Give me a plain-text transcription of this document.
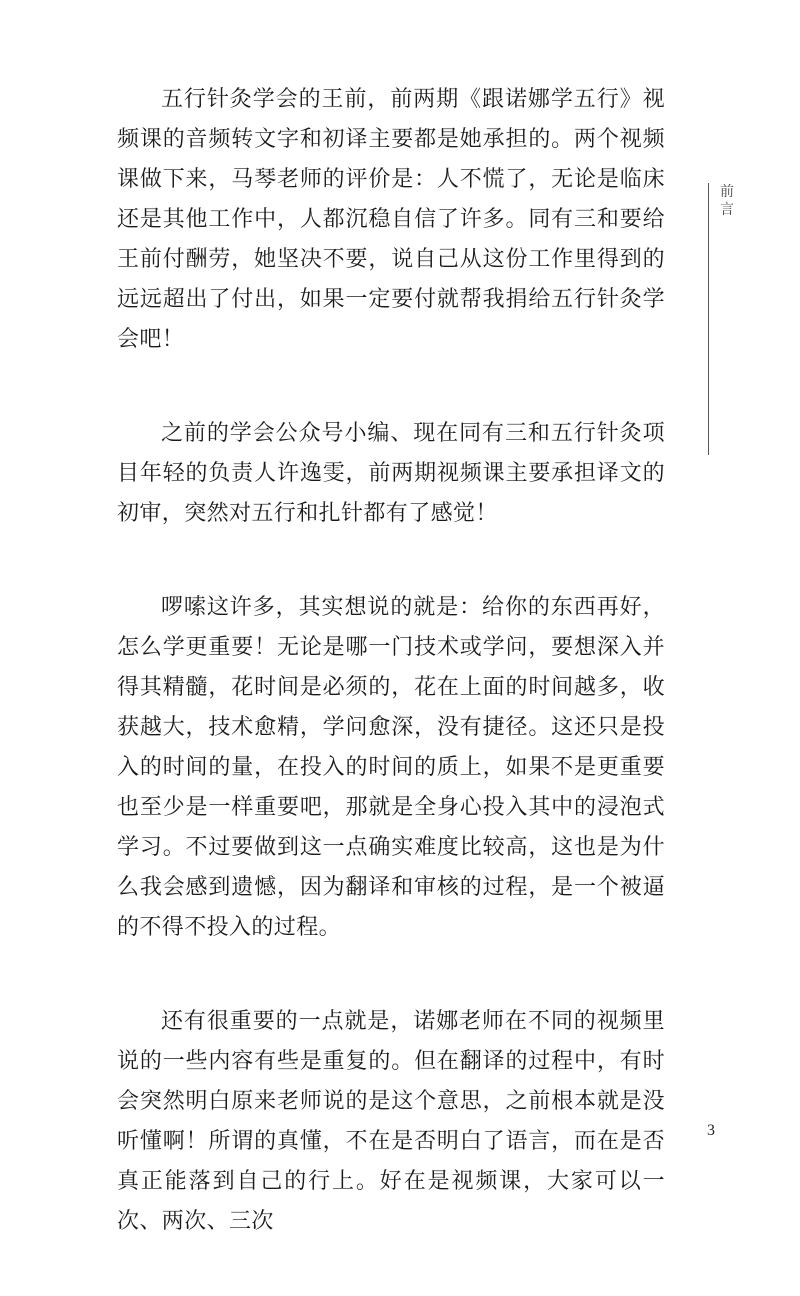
五行针灸学会的王前，前两期《跟诺娜学五行》视频课的音频转文字和初译主要都是她承担的。两个视频课做下来，马琴老师的评价是：人不慌了，无论是临床还是其他工作中，人都沉稳自信了许多。同有三和要给王前付酬劳，她坚决不要，说自己从这份工作里得到的远远超出了付出，如果一定要付就帮我捐给五行针灸学会吧！

之前的学会公众号小编、现在同有三和五行针灸项目年轻的负责人许逸雯，前两期视频课主要承担译文的初审，突然对五行和扎针都有了感觉！

啰嗦这许多，其实想说的就是：给你的东西再好，怎么学更重要！无论是哪一门技术或学问，要想深入并得其精髓，花时间是必须的，花在上面的时间越多，收获越大，技术愈精，学问愈深，没有捷径。这还只是投入的时间的量，在投入的时间的质上，如果不是更重要也至少是一样重要吧，那就是全身心投入其中的浸泡式学习。不过要做到这一点确实难度比较高，这也是为什么我会感到遗憾，因为翻译和审核的过程，是一个被逼的不得不投入的过程。

还有很重要的一点就是，诺娜老师在不同的视频里说的一些内容有些是重复的。但在翻译的过程中，有时会突然明白原来老师说的是这个意思，之前根本就是没听懂啊！所谓的真懂，不在是否明白了语言，而在是否真正能落到自己的行上。好在是视频课，大家可以一次、两次、三次

前言
3
